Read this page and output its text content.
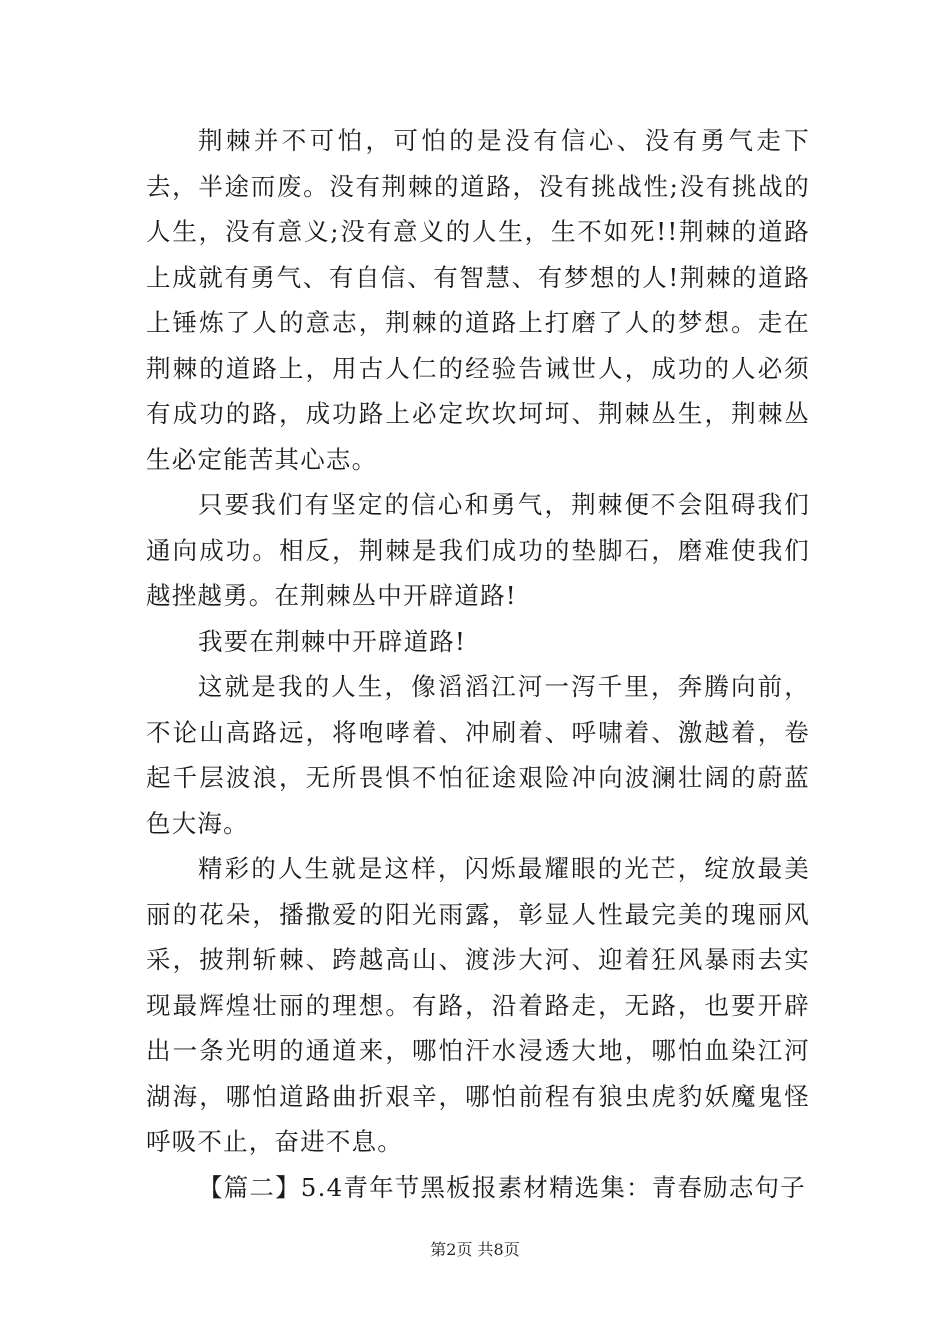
荆棘并不可怕，可怕的是没有信心、没有勇气走下去，半途而废。没有荆棘的道路，没有挑战性;没有挑战的人生，没有意义;没有意义的人生，生不如死!!荆棘的道路上成就有勇气、有自信、有智慧、有梦想的人!荆棘的道路上锤炼了人的意志，荆棘的道路上打磨了人的梦想。走在荆棘的道路上，用古人仁的经验告诫世人，成功的人必须有成功的路，成功路上必定坎坎坷坷、荆棘丛生，荆棘丛生必定能苦其心志。

只要我们有坚定的信心和勇气，荆棘便不会阻碍我们通向成功。相反，荆棘是我们成功的垫脚石，磨难使我们越挫越勇。在荆棘丛中开辟道路!

我要在荆棘中开辟道路!

这就是我的人生，像滔滔江河一泻千里，奔腾向前，不论山高路远，将咆哮着、冲刷着、呼啸着、激越着，卷起千层波浪，无所畏惧不怕征途艰险冲向波澜壮阔的蔚蓝色大海。

精彩的人生就是这样，闪烁最耀眼的光芒，绽放最美丽的花朵，播撒爱的阳光雨露，彰显人性最完美的瑰丽风采，披荆斩棘、跨越高山、渡涉大河、迎着狂风暴雨去实现最辉煌壮丽的理想。有路，沿着路走，无路，也要开辟出一条光明的通道来，哪怕汗水浸透大地，哪怕血染江河湖海，哪怕道路曲折艰辛，哪怕前程有狼虫虎豹妖魔鬼怪呼吸不止，奋进不息。

【篇二】5.4青年节黑板报素材精选集：青春励志句子

第2页 共8页
